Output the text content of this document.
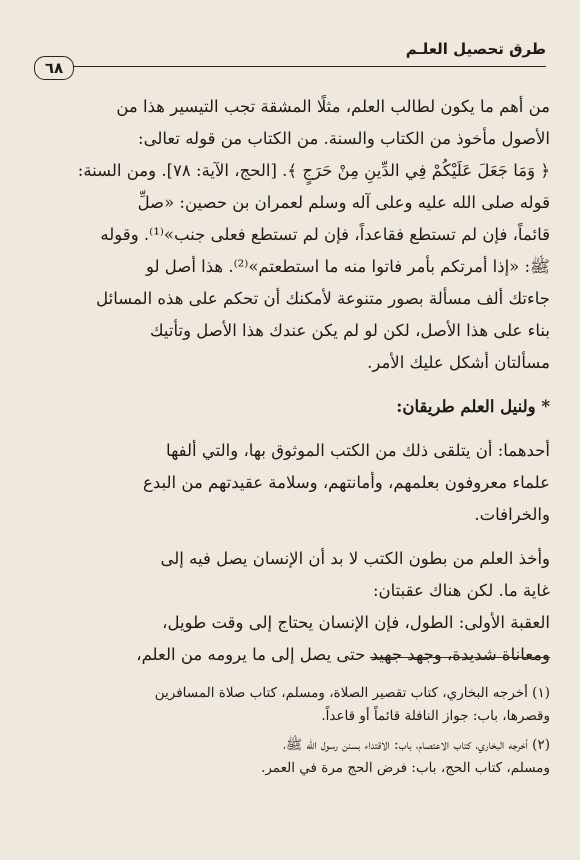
طرق تحصيل العلـم
٦٨

من أهم ما يكون لطالب العلم، مثلًا المشقة تجب التيسير هذا من
الأصول مأخوذ من الكتاب والسنة. من الكتاب من قوله تعالى:
﴿ وَمَا جَعَلَ عَلَيْكُمْ فِي الدِّينِ مِنْ حَرَجٍ ﴾. [الحج، الآية: ٧٨]. ومن السنة:
قوله صلى الله عليه وعلى آله وسلم لعمران بن حصين: «صلِّ
قائماً، فإن لم تستطع فقاعداً، فإن لم تستطع فعلى جنب»⁽¹⁾. وقوله
ﷺ: «إذا أمرتكم بأمر فاتوا منه ما استطعتم»⁽²⁾. هذا أصل لو
جاءتك ألف مسألة بصور متنوعة لأمكنك أن تحكم على هذه المسائل
بناء على هذا الأصل، لكن لو لم يكن عندك هذا الأصل وتأتيك
مسألتان أشكل عليك الأمر.

* ولنيل العلم طريقان:

أحدهما: أن يتلقى ذلك من الكتب الموثوق بها، والتي ألفها
علماء معروفون بعلمهم، وأمانتهم، وسلامة عقيدتهم من البدع
والخرافات.

وأخذ العلم من بطون الكتب لا بد أن الإنسان يصل فيه إلى
غاية ما. لكن هناك عقبتان:

العقبة الأولى: الطول، فإن الإنسان يحتاج إلى وقت طويل،
ومعاناة شديدة، وجهد جهيد حتى يصل إلى ما يرومه من العلم،

(١) أخرجه البخاري، كتاب تقصير الصلاة، ومسلم، كتاب صلاة المسافرين
وقصرها، باب: جواز النافلة قائماً أو قاعداً.

(٢) أخرجه البخاري، كتاب الاعتصام، باب: الاقتداء بسنن رسول الله ﷺ،
ومسلم، كتاب الحج، باب: فرض الحج مرة في العمر.
